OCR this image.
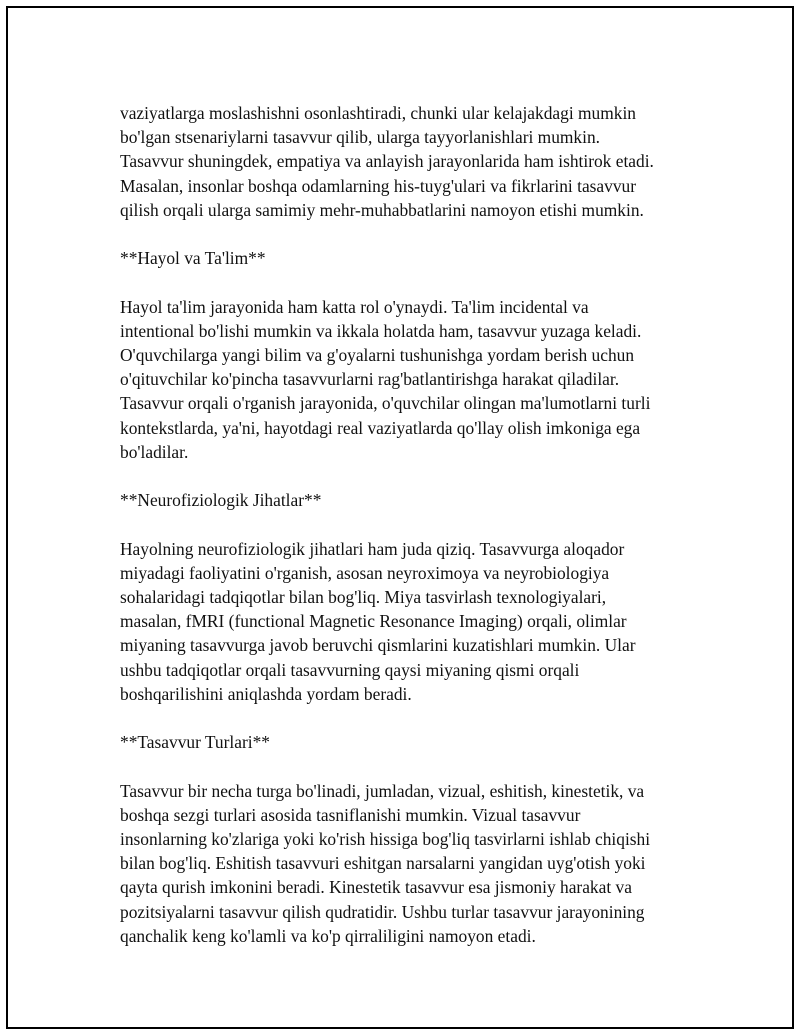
vaziyatlarga moslashishni osonlashtiradi, chunki ular kelajakdagi mumkin
bo'lgan stsenariylarni tasavvur qilib, ularga tayyorlanishlari mumkin.
Tasavvur shuningdek, empatiya va anlayish jarayonlarida ham ishtirok etadi.
Masalan, insonlar boshqa odamlarning his-tuyg'ulari va fikrlarini tasavvur
qilish orqali ularga samimiy mehr-muhabbatlarini namoyon etishi mumkin.

**Hayol va Ta'lim**

Hayol ta'lim jarayonida ham katta rol o'ynaydi. Ta'lim incidental va
intentional bo'lishi mumkin va ikkala holatda ham, tasavvur yuzaga keladi.
O'quvchilarga yangi bilim va g'oyalarni tushunishga yordam berish uchun
o'qituvchilar ko'pincha tasavvurlarni rag'batlantirishga harakat qiladilar.
Tasavvur orqali o'rganish jarayonida, o'quvchilar olingan ma'lumotlarni turli
kontekstlarda, ya'ni, hayotdagi real vaziyatlarda qo'llay olish imkoniga ega
bo'ladilar.

**Neurofiziologik Jihatlar**

Hayolning neurofiziologik jihatlari ham juda qiziq. Tasavvurga aloqador
miyadagi faoliyatini o'rganish, asosan neyroximoya va neyrobiologiya
sohalaridagi tadqiqotlar bilan bog'liq. Miya tasvirlash texnologiyalari,
masalan, fMRI (functional Magnetic Resonance Imaging) orqali, olimlar
miyaning tasavvurga javob beruvchi qismlarini kuzatishlari mumkin. Ular
ushbu tadqiqotlar orqali tasavvurning qaysi miyaning qismi orqali
boshqarilishini aniqlashda yordam beradi.

**Tasavvur Turlari**

Tasavvur bir necha turga bo'linadi, jumladan, vizual, eshitish, kinestetik, va
boshqa sezgi turlari asosida tasniflanishi mumkin. Vizual tasavvur
insonlarning ko'zlariga yoki ko'rish hissiga bog'liq tasvirlarni ishlab chiqishi
bilan bog'liq. Eshitish tasavvuri eshitgan narsalarni yangidan uyg'otish yoki
qayta qurish imkonini beradi. Kinestetik tasavvur esa jismoniy harakat va
pozitsiyalarni tasavvur qilish qudratidir. Ushbu turlar tasavvur jarayonining
qanchalik keng ko'lamli va ko'p qirraliligini namoyon etadi.
